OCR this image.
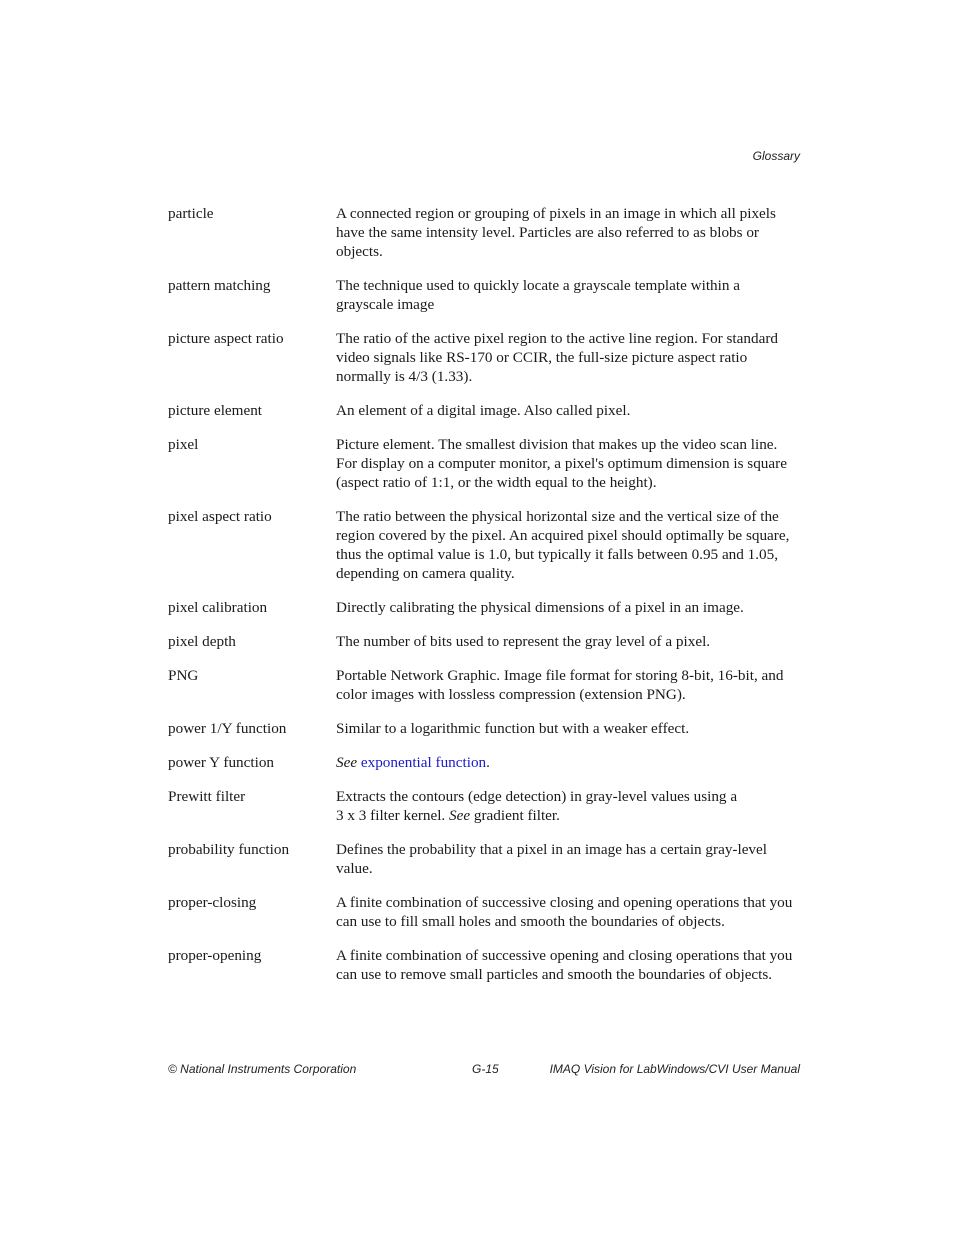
Glossary
particle	A connected region or grouping of pixels in an image in which all pixels have the same intensity level. Particles are also referred to as blobs or objects.
pattern matching	The technique used to quickly locate a grayscale template within a grayscale image
picture aspect ratio	The ratio of the active pixel region to the active line region. For standard video signals like RS-170 or CCIR, the full-size picture aspect ratio normally is 4/3 (1.33).
picture element	An element of a digital image. Also called pixel.
pixel	Picture element. The smallest division that makes up the video scan line. For display on a computer monitor, a pixel's optimum dimension is square (aspect ratio of 1:1, or the width equal to the height).
pixel aspect ratio	The ratio between the physical horizontal size and the vertical size of the region covered by the pixel. An acquired pixel should optimally be square, thus the optimal value is 1.0, but typically it falls between 0.95 and 1.05, depending on camera quality.
pixel calibration	Directly calibrating the physical dimensions of a pixel in an image.
pixel depth	The number of bits used to represent the gray level of a pixel.
PNG	Portable Network Graphic. Image file format for storing 8-bit, 16-bit, and color images with lossless compression (extension PNG).
power 1/Y function	Similar to a logarithmic function but with a weaker effect.
power Y function	See exponential function.
Prewitt filter	Extracts the contours (edge detection) in gray-level values using a
3 x 3 filter kernel. See gradient filter.
probability function	Defines the probability that a pixel in an image has a certain gray-level value.
proper-closing	A finite combination of successive closing and opening operations that you can use to fill small holes and smooth the boundaries of objects.
proper-opening	A finite combination of successive opening and closing operations that you can use to remove small particles and smooth the boundaries of objects.
© National Instruments Corporation	G-15	IMAQ Vision for LabWindows/CVI User Manual
